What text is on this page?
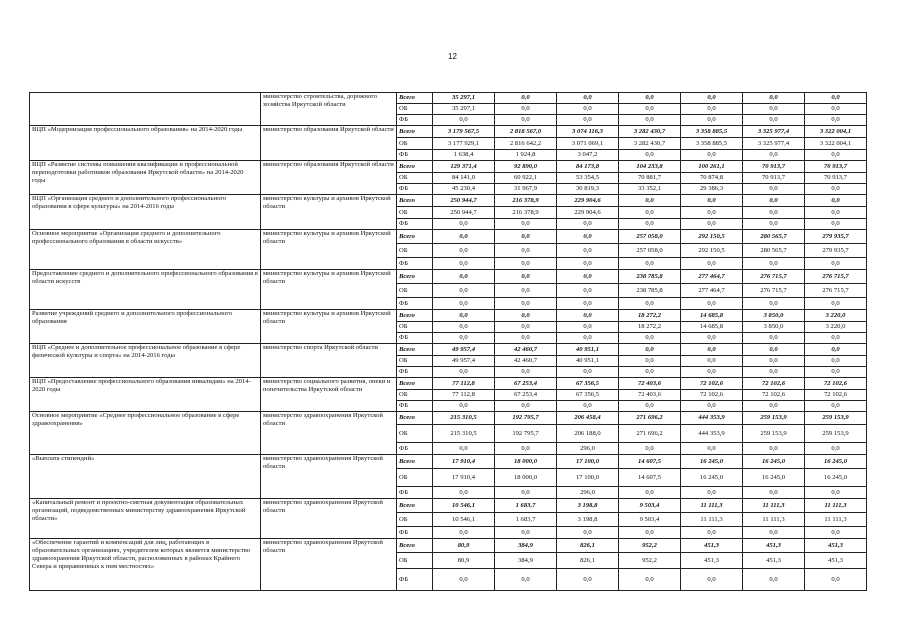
12
	министерство строительства, дорожного хозяйства Иркутской области	Всего	35 297,1	0,0	0,0	0,0	0,0	0,0	0,0
		ОБ	35 297,1	0,0	0,0	0,0	0,0	0,0	0,0
		ФБ	0,0	0,0	0,0	0,0	0,0	0,0	0,0
ВЦП «Модернизация профессионального образования» на 2014-2020 годы	министерство образования Иркутской области	Всего	3 179 567,5	2 818 567,0	3 074 116,3	3 282 430,7	3 358 885,5	3 325 977,4	3 322 004,1
		ОБ	3 177 929,1	2 816 642,2	3 071 069,1	3 282 430,7	3 358 885,5	3 325 977,4	3 322 004,1
		ФБ	1 638,4	1 924,8	3 047,2	0,0	0,0	0,0	0,0
ВЦП «Развитие системы повышения квалификации и профессиональной переподготовки работников образования Иркутской области» на 2014-2020 годы	министерство образования Иркутской области	Всего	129 371,4	92 890,0	84 173,8	104 233,8	100 261,1	70 913,7	70 913,7
		ОБ	84 141,0	60 922,1	53 354,5	70 881,7	70 874,8	70 913,7	70 913,7
		ФБ	45 230,4	31 967,9	30 819,3	33 352,1	29 386,3	0,0	0,0
ВЦП «Организация среднего и дополнительного профессионального образования в сфере культуры» на 2014-2016 годы	министерство культуры и архивов Иркутской области	Всего	250 944,7	216 378,9	229 904,6	0,0	0,0	0,0	0,0
		ОБ	250 944,7	216 378,9	229 904,6	0,0	0,0	0,0	0,0
		ФБ	0,0	0,0	0,0	0,0	0,0	0,0	0,0
Основное мероприятие «Организация среднего и дополнительного профессионального образования в области искусств»	министерство культуры и архивов Иркутской области	Всего	0,0	0,0	0,0	257 058,0	292 150,5	280 565,7	279 935,7
		ОБ	0,0	0,0	0,0	257 058,0	292 150,5	280 565,7	279 935,7
		ФБ	0,0	0,0	0,0	0,0	0,0	0,0	0,0
Предоставление среднего и дополнительного профессионального образования в области искусств	министерство культуры и архивов Иркутской области	Всего	0,0	0,0	0,0	238 785,8	277 464,7	276 715,7	276 715,7
		ОБ	0,0	0,0	0,0	238 785,8	277 464,7	276 715,7	276 715,7
		ФБ	0,0	0,0	0,0	0,0	0,0	0,0	0,0
Развитие учреждений среднего и дополнительного профессионального образования	министерство культуры и архивов Иркутской области	Всего	0,0	0,0	0,0	18 272,2	14 685,8	3 850,0	3 220,0
		ОБ	0,0	0,0	0,0	18 272,2	14 685,8	3 850,0	3 220,0
		ФБ	0,0	0,0	0,0	0,0	0,0	0,0	0,0
ВЦП «Среднее и дополнительное профессиональное образование в сфере физической культуры и спорта» на 2014-2016 годы	министерство спорта Иркутской области	Всего	49 957,4	42 460,7	40 951,1	0,0	0,0	0,0	0,0
		ОБ	49 957,4	42 460,7	40 951,1	0,0	0,0	0,0	0,0
		ФБ	0,0	0,0	0,0	0,0	0,0	0,0	0,0
ВЦП «Предоставление профессионального образования инвалидам» на 2014-2020 годы	министерство социального развития, опеки и попечительства Иркутской области	Всего	77 112,8	67 253,4	67 356,5	72 403,6	72 102,6	72 102,6	72 102,6
		ОБ	77 112,8	67 253,4	67 356,5	72 403,6	72 102,6	72 102,6	72 102,6
		ФБ	0,0	0,0	0,0	0,0	0,0	0,0	0,0
Основное мероприятие «Среднее профессиональное образование в сфере здравоохранения»	министерство здравоохранения Иркутской области	Всего	215 310,5	192 795,7	206 458,4	271 696,2	444 353,9	259 153,9	259 153,9
		ОБ	215 310,5	192 795,7	206 188,0	271 696,2	444 353,9	259 153,9	259 153,9
		ФБ	0,0	0,0	296,0	0,0	0,0	0,0	0,0
«Выплата стипендий»	министерство здравоохранения Иркутской области	Всего	17 910,4	18 000,0	17 100,0	14 607,5	16 245,0	16 245,0	16 245,0
		ОБ	17 910,4	18 000,0	17 100,0	14 607,5	16 245,0	16 245,0	16 245,0
		ФБ	0,0	0,0	296,0	0,0	0,0	0,0	0,0
«Капитальный ремонт и проектно-сметная документация образовательных организаций, подведомственных министерству здравоохранения Иркутской области»	министерство здравоохранения Иркутской области	Всего	10 546,1	1 683,7	3 198,8	9 503,4	11 111,3	11 111,3	11 111,3
		ОБ	10 546,1	1 683,7	3 198,8	9 503,4	11 111,3	11 111,3	11 111,3
		ФБ	0,0	0,0	0,0	0,0	0,0	0,0	0,0
«Обеспечение гарантий и компенсаций для лиц, работающих в образовательных организациях, учредителем которых является министерство здравоохранения Иркутской области, расположенных в районах Крайнего Севера и приравненных к ним местностях»	министерство здравоохранения Иркутской области	Всего	80,9	384,9	826,1	952,2	451,3	451,3	451,3
		ОБ	80,9	384,9	826,1	952,2	451,3	451,3	451,3
		ФБ	0,0	0,0	0,0	0,0	0,0	0,0	0,0
